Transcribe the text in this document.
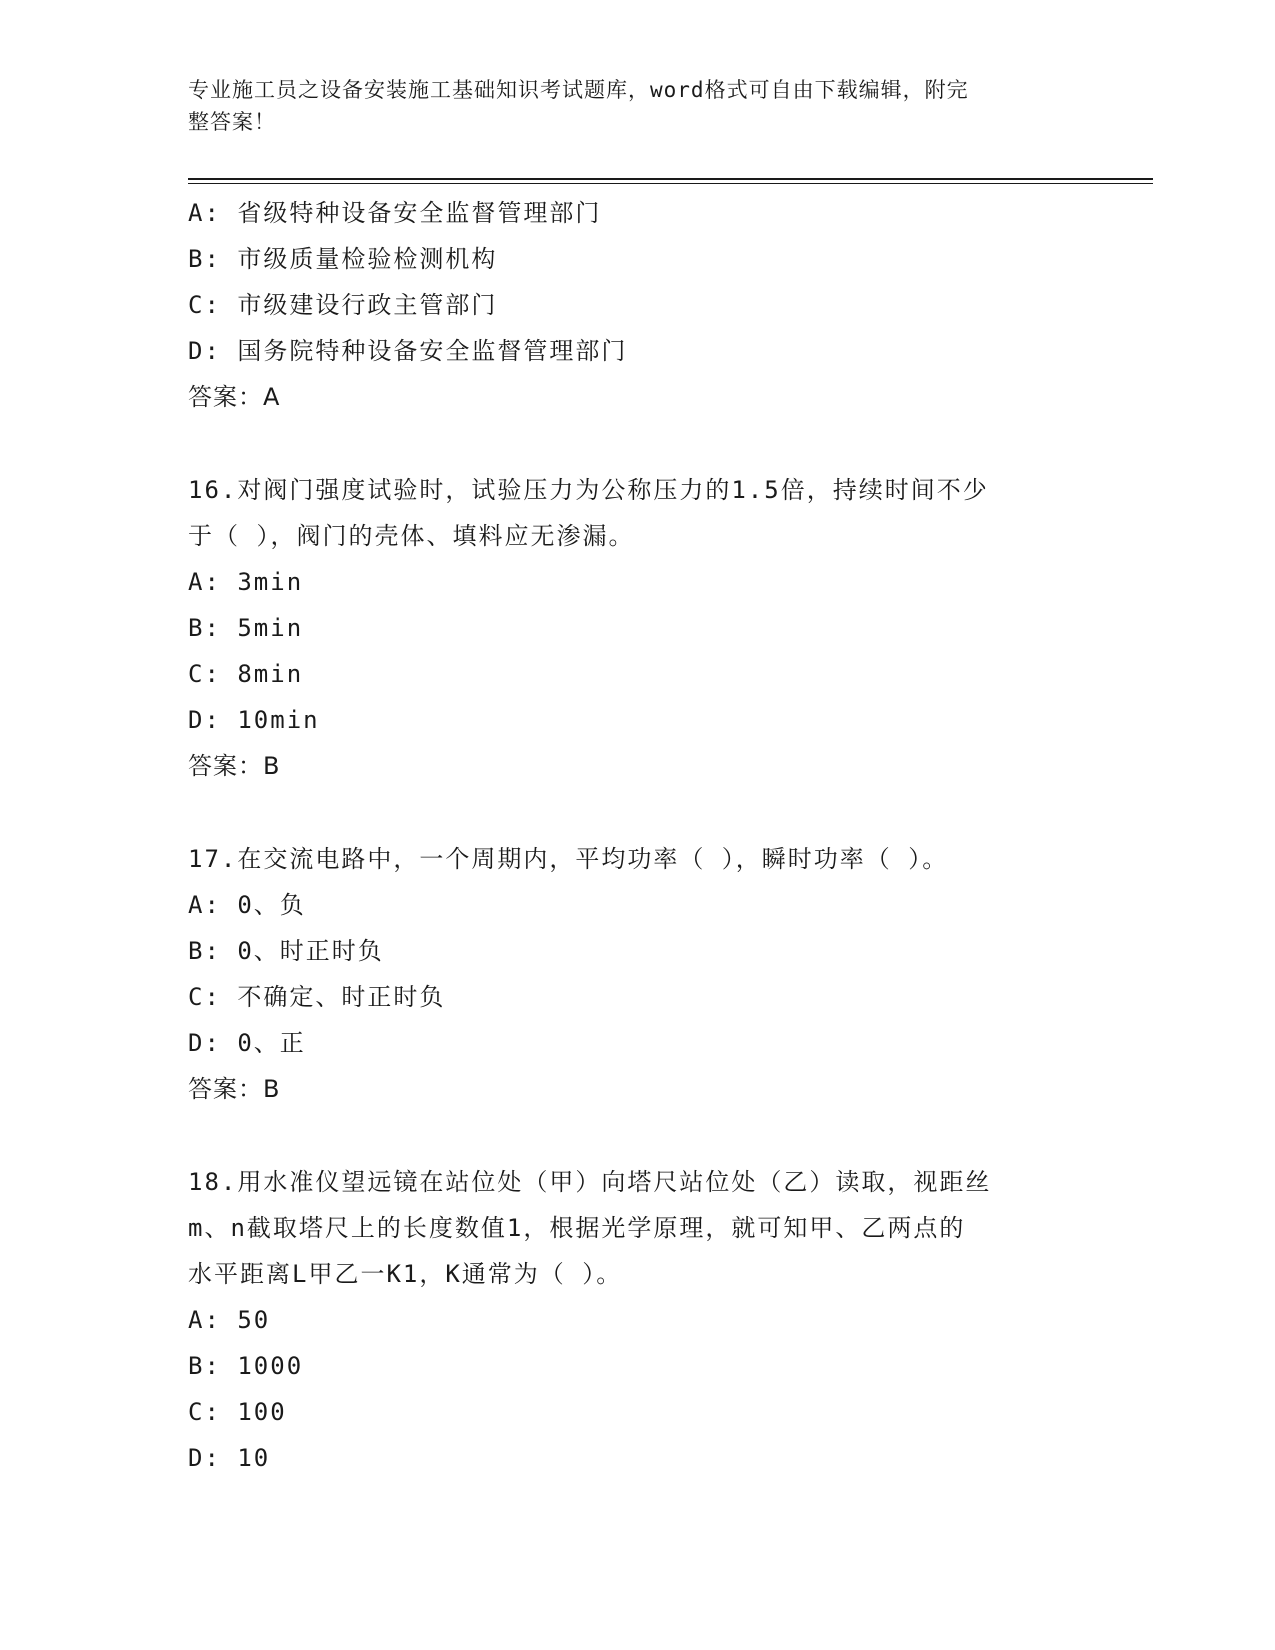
专业施工员之设备安装施工基础知识考试题库，word格式可自由下载编辑，附完
整答案！
A: 省级特种设备安全监督管理部门
B: 市级质量检验检测机构
C: 市级建设行政主管部门
D: 国务院特种设备安全监督管理部门
答案：A
16.对阀门强度试验时，试验压力为公称压力的1.5倍，持续时间不少
于（ ），阀门的壳体、填料应无渗漏。
A: 3min
B: 5min
C: 8min
D: 10min
答案：B
17.在交流电路中，一个周期内，平均功率（ ），瞬时功率（ ）。
A: 0、负
B: 0、时正时负
C: 不确定、时正时负
D: 0、正
答案：B
18.用水准仪望远镜在站位处（甲）向塔尺站位处（乙）读取，视距丝
m、n截取塔尺上的长度数值1，根据光学原理，就可知甲、乙两点的
水平距离L甲乙一K1，K通常为（ ）。
A: 50
B: 1000
C: 100
D: 10
